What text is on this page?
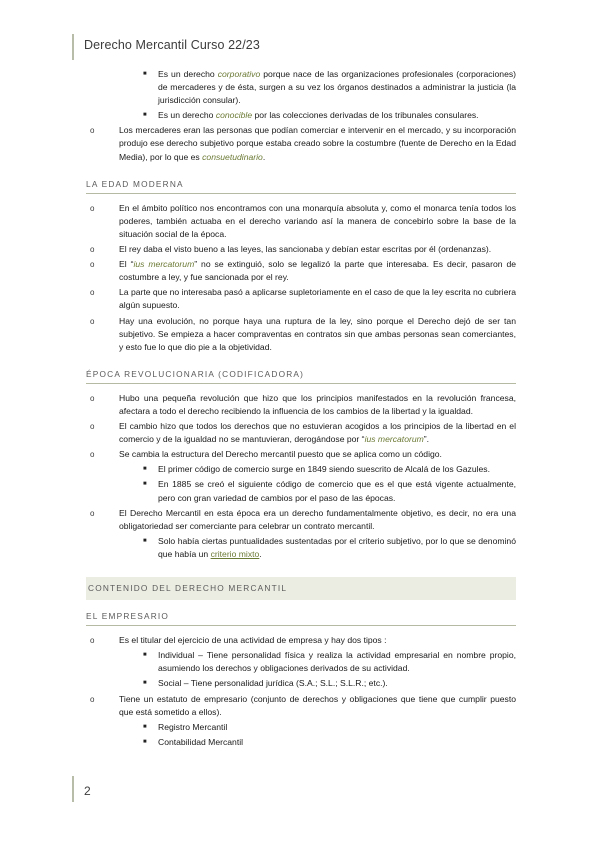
Derecho Mercantil Curso 22/23
■ Es un derecho corporativo porque nace de las organizaciones profesionales (corporaciones) de mercaderes y de ésta, surgen a su vez los órganos destinados a administrar la justicia (la jurisdicción consular).
■ Es un derecho conocible por las colecciones derivadas de los tribunales consulares.
o Los mercaderes eran las personas que podían comerciar e intervenir en el mercado, y su incorporación produjo ese derecho subjetivo porque estaba creado sobre la costumbre (fuente de Derecho en la Edad Media), por lo que es consuetudinario.
LA EDAD MODERNA
o En el ámbito político nos encontramos con una monarquía absoluta y, como el monarca tenía todos los poderes, también actuaba en el derecho variando así la manera de concebirlo sobre la base de la situación social de la época.
o El rey daba el visto bueno a las leyes, las sancionaba y debían estar escritas por él (ordenanzas).
o El “ius mercatorum” no se extinguió, solo se legalizó la parte que interesaba. Es decir, pasaron de costumbre a ley, y fue sancionada por el rey.
o La parte que no interesaba pasó a aplicarse supletoriamente en el caso de que la ley escrita no cubriera algún supuesto.
o Hay una evolución, no porque haya una ruptura de la ley, sino porque el Derecho dejó de ser tan subjetivo. Se empieza a hacer compraventas en contratos sin que ambas personas sean comerciantes, y esto fue lo que dio pie a la objetividad.
ÉPOCA REVOLUCIONARIA (CODIFICADORA)
o Hubo una pequeña revolución que hizo que los principios manifestados en la revolución francesa, afectara a todo el derecho recibiendo la influencia de los cambios de la libertad y la igualdad.
o El cambio hizo que todos los derechos que no estuvieran acogidos a los principios de la libertad en el comercio y de la igualdad no se mantuvieran, derogándose por “ius mercatorum”.
o Se cambia la estructura del Derecho mercantil puesto que se aplica como un código.
■ El primer código de comercio surge en 1849 siendo suescrito de Alcalá de los Gazules.
■ En 1885 se creó el siguiente código de comercio que es el que está vigente actualmente, pero con gran variedad de cambios por el paso de las épocas.
o El Derecho Mercantil en esta época era un derecho fundamentalmente objetivo, es decir, no era una obligatoriedad ser comerciante para celebrar un contrato mercantil.
■ Solo había ciertas puntualidades sustentadas por el criterio subjetivo, por lo que se denominó que había un criterio mixto.
CONTENIDO DEL DERECHO MERCANTIL
EL EMPRESARIO
o Es el titular del ejercicio de una actividad de empresa y hay dos tipos :
■ Individual – Tiene personalidad física y realiza la actividad empresarial en nombre propio, asumiendo los derechos y obligaciones derivados de su actividad.
■ Social – Tiene personalidad jurídica (S.A.; S.L.; S.L.R.; etc.).
o Tiene un estatuto de empresario (conjunto de derechos y obligaciones que tiene que cumplir puesto que está sometido a ellos).
■ Registro Mercantil
■ Contabilidad Mercantil
2
